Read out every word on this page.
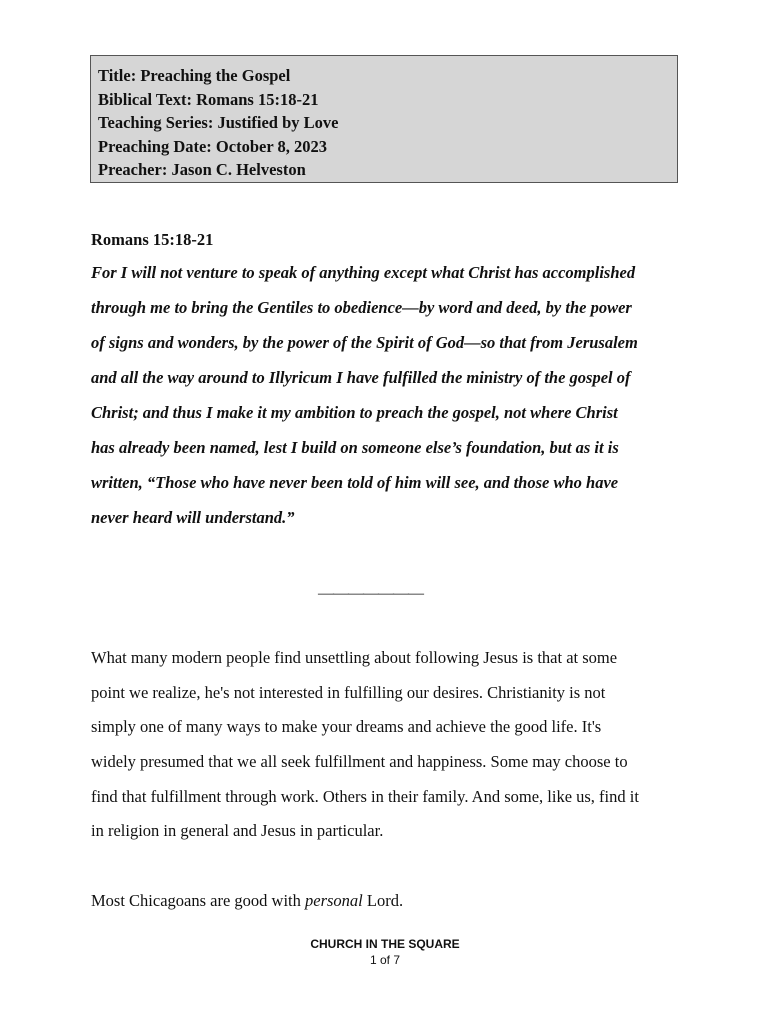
Title: Preaching the Gospel
Biblical Text: Romans 15:18-21
Teaching Series: Justified by Love
Preaching Date: October 8, 2023
Preacher: Jason C. Helveston
Romans 15:18-21
For I will not venture to speak of anything except what Christ has accomplished
through me to bring the Gentiles to obedience—by word and deed, by the power
of signs and wonders, by the power of the Spirit of God—so that from Jerusalem
and all the way around to Illyricum I have fulfilled the ministry of the gospel of
Christ; and thus I make it my ambition to preach the gospel, not where Christ
has already been named, lest I build on someone else’s foundation, but as it is
written, “Those who have never been told of him will see, and those who have
never heard will understand.”
———————
What many modern people find unsettling about following Jesus is that at some
point we realize, he's not interested in fulfilling our desires. Christianity is not
simply one of many ways to make your dreams and achieve the good life. It's
widely presumed that we all seek fulfillment and happiness. Some may choose to
find that fulfillment through work. Others in their family. And some, like us, find it
in religion in general and Jesus in particular.
Most Chicagoans are good with personal Lord.
CHURCH IN THE SQUARE
1 of 7
